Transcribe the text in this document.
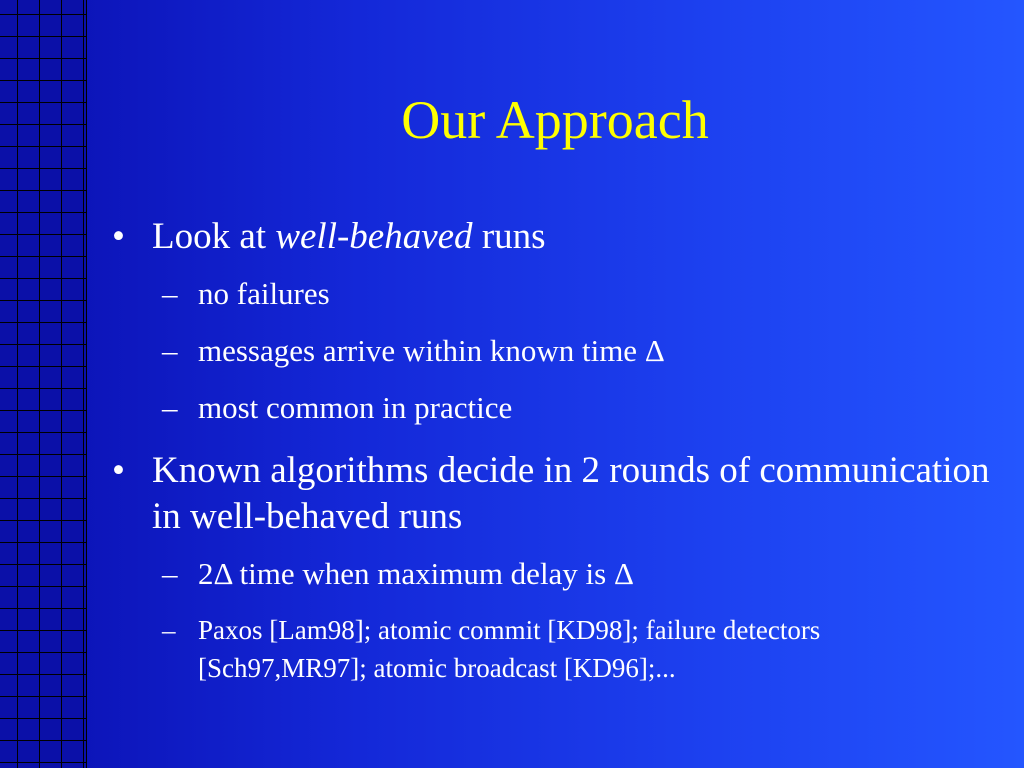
Our Approach
• Look at well-behaved runs
– no failures
– messages arrive within known time Δ
– most common in practice
• Known algorithms decide in 2 rounds of communication in well-behaved runs
– 2Δ time when maximum delay is Δ
– Paxos [Lam98]; atomic commit [KD98]; failure detectors [Sch97,MR97]; atomic broadcast [KD96];...
